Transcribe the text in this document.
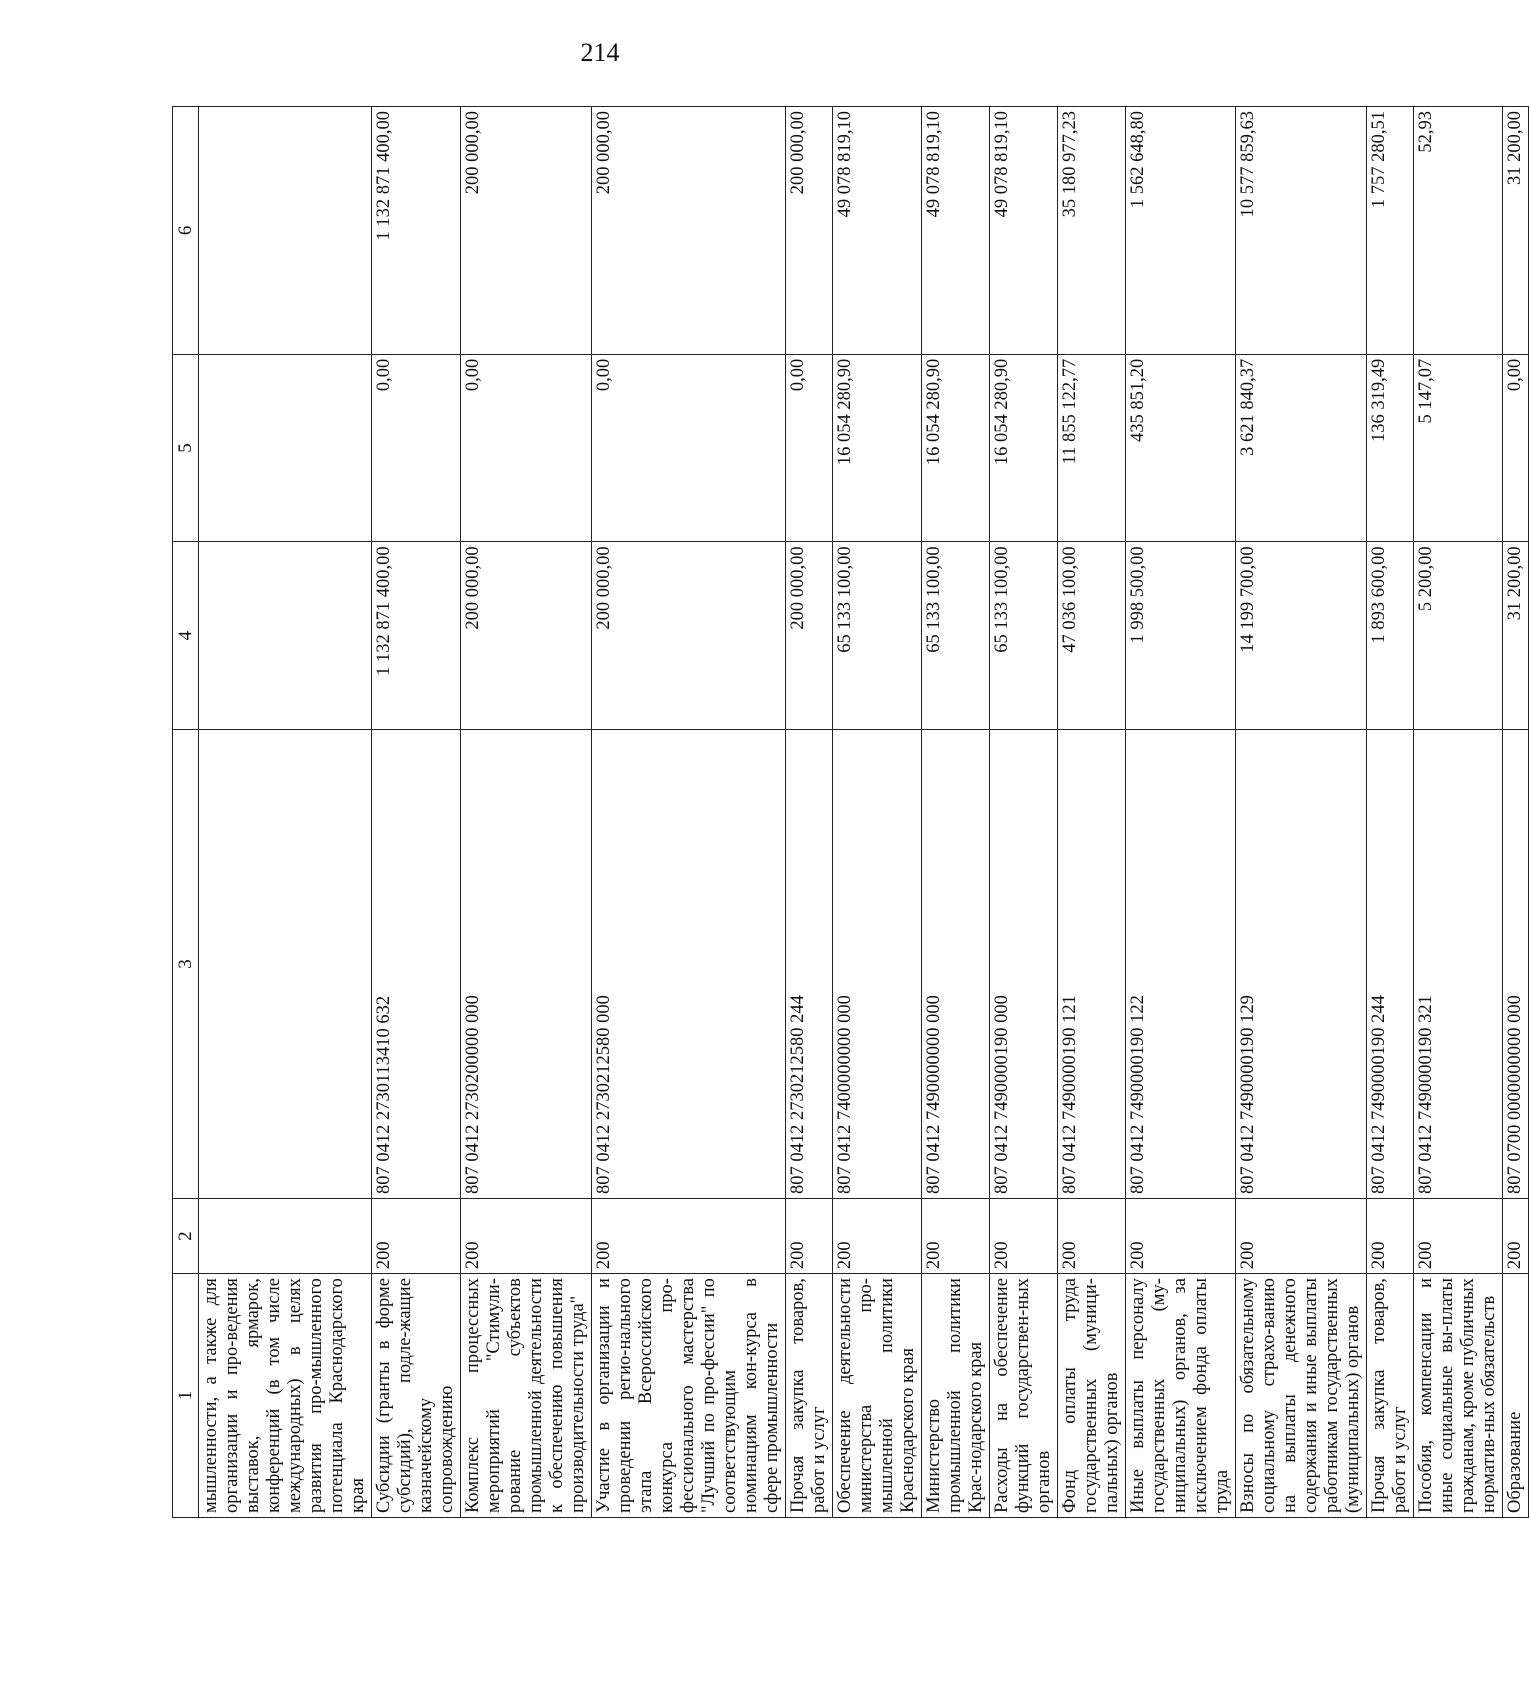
214
1	2	3	4	5	6
мышленности, а также для организации и про-ведения выставок, ярмарок, конференций (в том числе международных) в целях развития про-мышленного потенциала Краснодарского края					
Субсидии (гранты в форме субсидий), подле-жащие казначейскому сопровождению	200	807 0412 2730113410 632	1 132 871 400,00	0,00	1 132 871 400,00
Комплекс процессных мероприятий "Стимули-рование субъектов промышленной деятельности к обеспечению повышения производительности труда"	200	807 0412 2730200000 000	200 000,00	0,00	200 000,00
Участие в организации и проведении регио-нального этапа Всероссийского конкурса про-фессионального мастерства "Лучший по про-фессии" по соответствующим номинациям кон-курса в сфере промышленности	200	807 0412 2730212580 000	200 000,00	0,00	200 000,00
Прочая закупка товаров, работ и услуг	200	807 0412 2730212580 244	200 000,00	0,00	200 000,00
Обеспечение деятельности министерства про-мышленной политики Краснодарского края	200	807 0412 7400000000 000	65 133 100,00	16 054 280,90	49 078 819,10
Министерство промышленной политики Крас-нодарского края	200	807 0412 7490000000 000	65 133 100,00	16 054 280,90	49 078 819,10
Расходы на обеспечение функций государствен-ных органов	200	807 0412 7490000190 000	65 133 100,00	16 054 280,90	49 078 819,10
Фонд оплаты труда государственных (муници-пальных) органов	200	807 0412 7490000190 121	47 036 100,00	11 855 122,77	35 180 977,23
Иные выплаты персоналу государственных (му-ниципальных) органов, за исключением фонда оплаты труда	200	807 0412 7490000190 122	1 998 500,00	435 851,20	1 562 648,80
Взносы по обязательному социальному страхо-ванию на выплаты денежного содержания и иные выплаты работникам государственных (муниципальных) органов	200	807 0412 7490000190 129	14 199 700,00	3 621 840,37	10 577 859,63
Прочая закупка товаров, работ и услуг	200	807 0412 7490000190 244	1 893 600,00	136 319,49	1 757 280,51
Пособия, компенсации и иные социальные вы-платы гражданам, кроме публичных норматив-ных обязательств	200	807 0412 7490000190 321	5 200,00	5 147,07	52,93
Образование	200	807 0700 0000000000 000	31 200,00	0,00	31 200,00
